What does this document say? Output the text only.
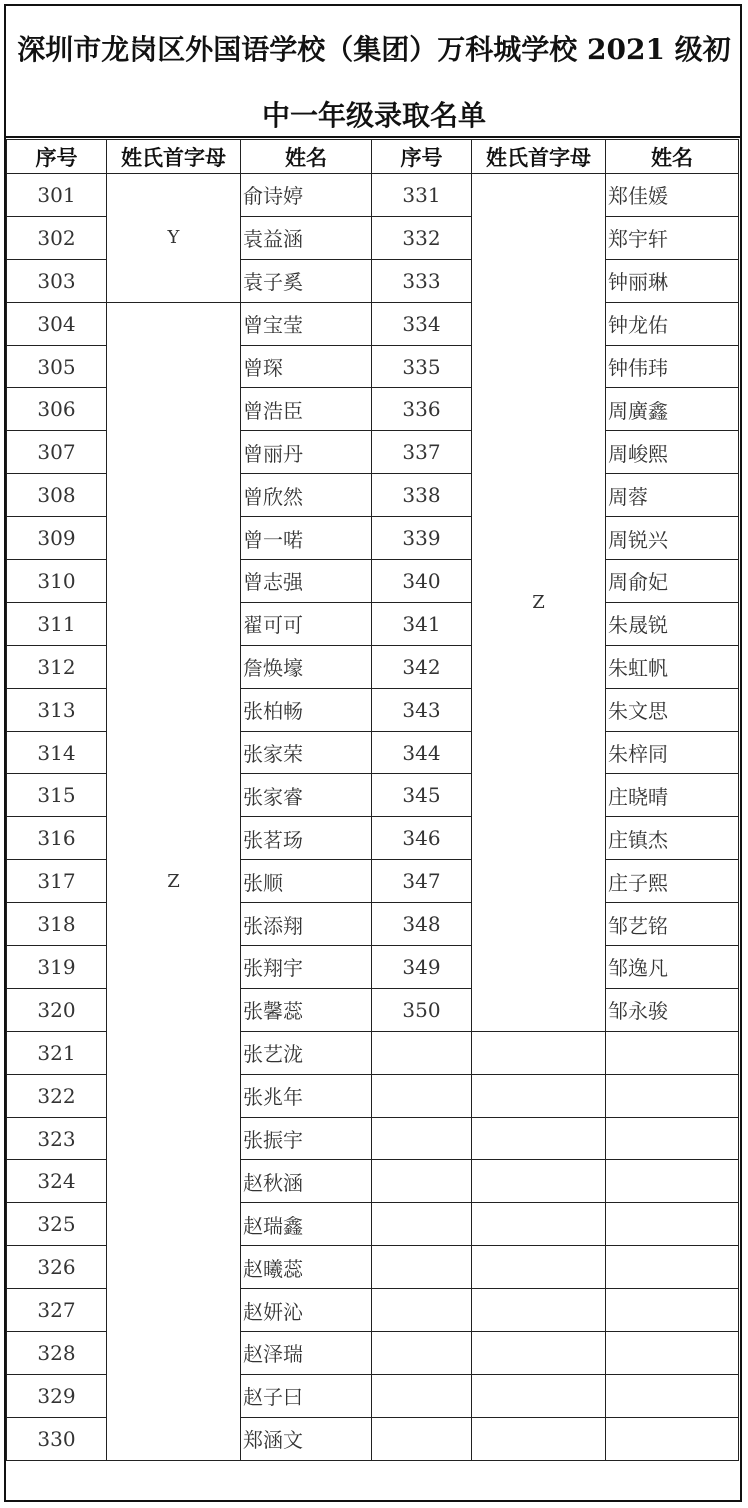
深圳市龙岗区外国语学校（集团）万科城学校 2021 级初
中一年级录取名单
序号	姓氏首字母	姓名	序号	姓氏首字母	姓名
301	Y	俞诗婷	331	Z	郑佳媛
302		袁益涵	332		郑宇轩
303		袁子奚	333		钟丽琳
304	Z	曾宝莹	334		钟龙佑
305		曾琛	335		钟伟玮
306		曾浩臣	336		周廣鑫
307		曾丽丹	337		周峻熙
308		曾欣然	338		周蓉
309		曾一喏	339		周锐兴
310		曾志强	340		周俞妃
311		翟可可	341		朱晟锐
312		詹焕壕	342		朱虹帆
313		张柏畅	343		朱文思
314		张家荣	344		朱梓同
315		张家睿	345		庄晓晴
316		张茗玚	346		庄镇杰
317		张顺	347		庄子熙
318		张添翔	348		邹艺铭
319		张翔宇	349		邹逸凡
320		张馨蕊	350		邹永骏
321		张艺泷			
322		张兆年			
323		张振宇			
324		赵秋涵			
325		赵瑞鑫			
326		赵曦蕊			
327		赵妍沁			
328		赵泽瑞			
329		赵子曰			
330		郑涵文			
